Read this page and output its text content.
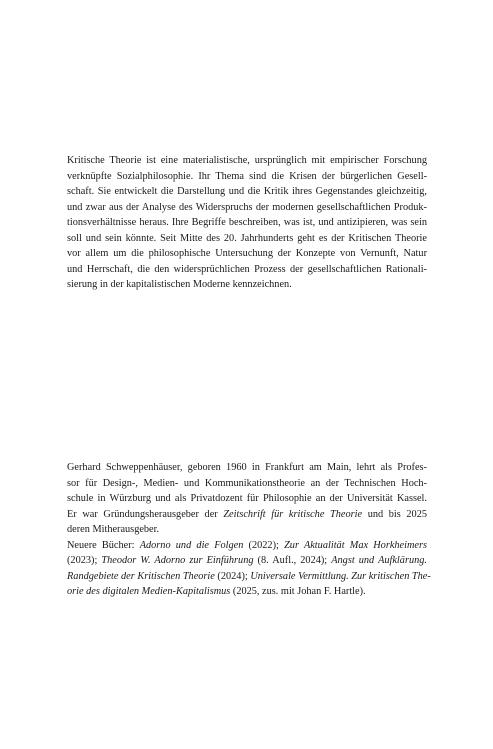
Kritische Theorie ist eine materialistische, ursprünglich mit empirischer Forschung
verknüpfte Sozialphilosophie. Ihr Thema sind die Krisen der bürgerlichen Gesell-
schaft. Sie entwickelt die Darstellung und die Kritik ihres Gegenstandes gleichzeitig,
und zwar aus der Analyse des Widerspruchs der modernen gesellschaftlichen Produk-
tionsverhältnisse heraus. Ihre Begriffe beschreiben, was ist, und antizipieren, was sein
soll und sein könnte. Seit Mitte des 20. Jahrhunderts geht es der Kritischen Theorie
vor allem um die philosophische Untersuchung der Konzepte von Vernunft, Natur
und Herrschaft, die den widersprüchlichen Prozess der gesellschaftlichen Rationali-
sierung in der kapitalistischen Moderne kennzeichnen.
Gerhard Schweppenhäuser, geboren 1960 in Frankfurt am Main, lehrt als Profes-
sor für Design-, Medien- und Kommunikationstheorie an der Technischen Hoch-
schule in Würzburg und als Privatdozent für Philosophie an der Universität Kassel.
Er war Gründungsherausgeber der Zeitschrift für kritische Theorie und bis 2025
deren Mitherausgeber.
Neuere Bücher: Adorno und die Folgen (2022); Zur Aktualität Max Horkheimers
(2023); Theodor W. Adorno zur Einführung (8. Aufl., 2024); Angst und Aufklärung.
Randgebiete der Kritischen Theorie (2024); Universale Vermittlung. Zur kritischen The-
orie des digitalen Medien-Kapitalismus (2025, zus. mit Johan F. Hartle).
